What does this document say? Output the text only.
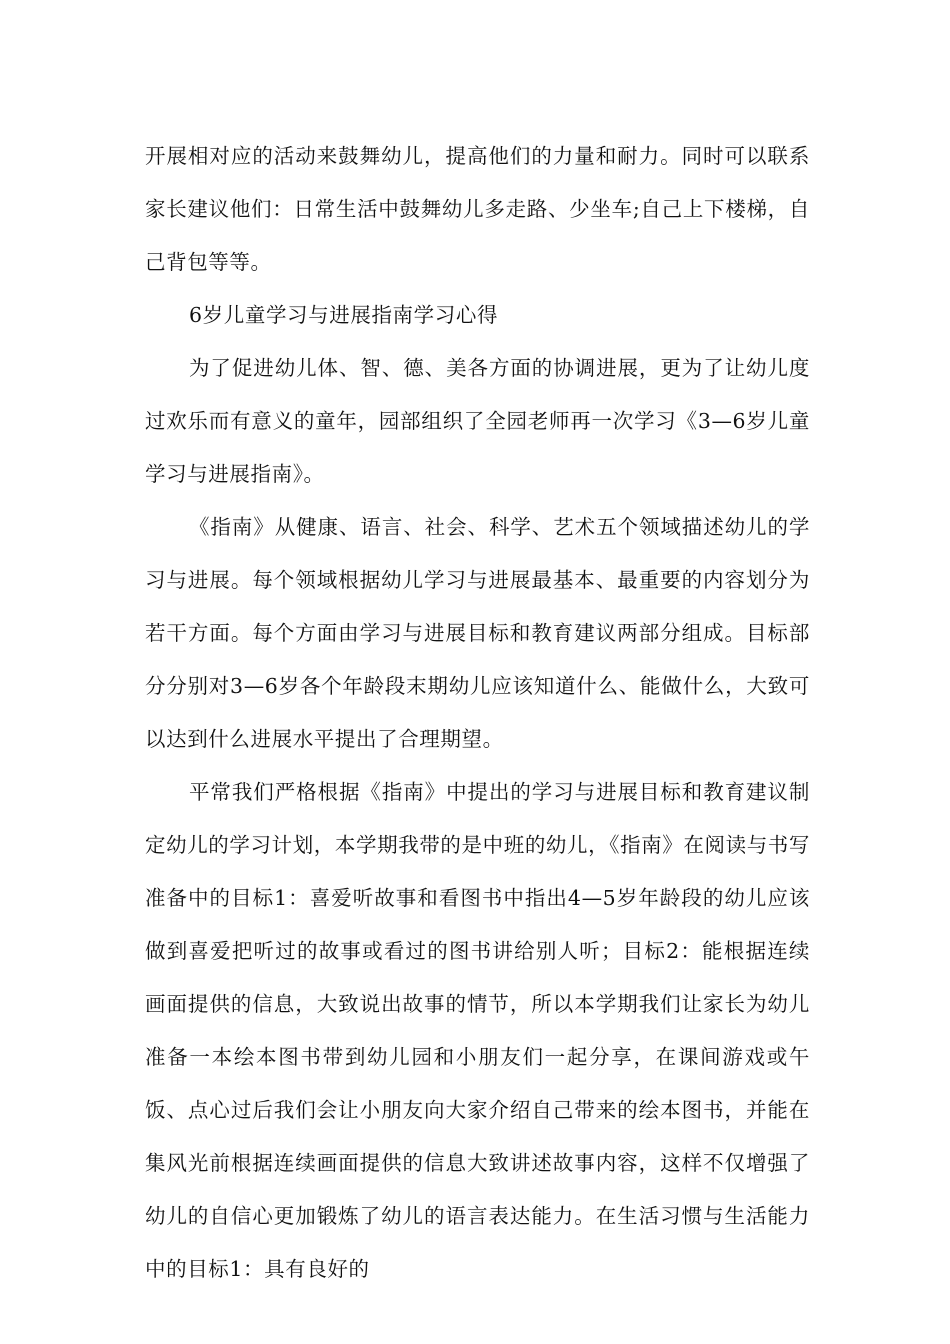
开展相对应的活动来鼓舞幼儿，提高他们的力量和耐力。同时可以联系家长建议他们：日常生活中鼓舞幼儿多走路、少坐车;自己上下楼梯，自己背包等等。

6岁儿童学习与进展指南学习心得

为了促进幼儿体、智、德、美各方面的协调进展，更为了让幼儿度过欢乐而有意义的童年，园部组织了全园老师再一次学习《3—6岁儿童学习与进展指南》。

《指南》从健康、语言、社会、科学、艺术五个领域描述幼儿的学习与进展。每个领域根据幼儿学习与进展最基本、最重要的内容划分为若干方面。每个方面由学习与进展目标和教育建议两部分组成。目标部分分别对3—6岁各个年龄段末期幼儿应该知道什么、能做什么，大致可以达到什么进展水平提出了合理期望。

平常我们严格根据《指南》中提出的学习与进展目标和教育建议制定幼儿的学习计划，本学期我带的是中班的幼儿，《指南》在阅读与书写准备中的目标1：喜爱听故事和看图书中指出4—5岁年龄段的幼儿应该做到喜爱把听过的故事或看过的图书讲给别人听；目标2：能根据连续画面提供的信息，大致说出故事的情节，所以本学期我们让家长为幼儿准备一本绘本图书带到幼儿园和小朋友们一起分享，在课间游戏或午饭、点心过后我们会让小朋友向大家介绍自己带来的绘本图书，并能在集风光前根据连续画面提供的信息大致讲述故事内容，这样不仅增强了幼儿的自信心更加锻炼了幼儿的语言表达能力。在生活习惯与生活能力中的目标1：具有良好的
